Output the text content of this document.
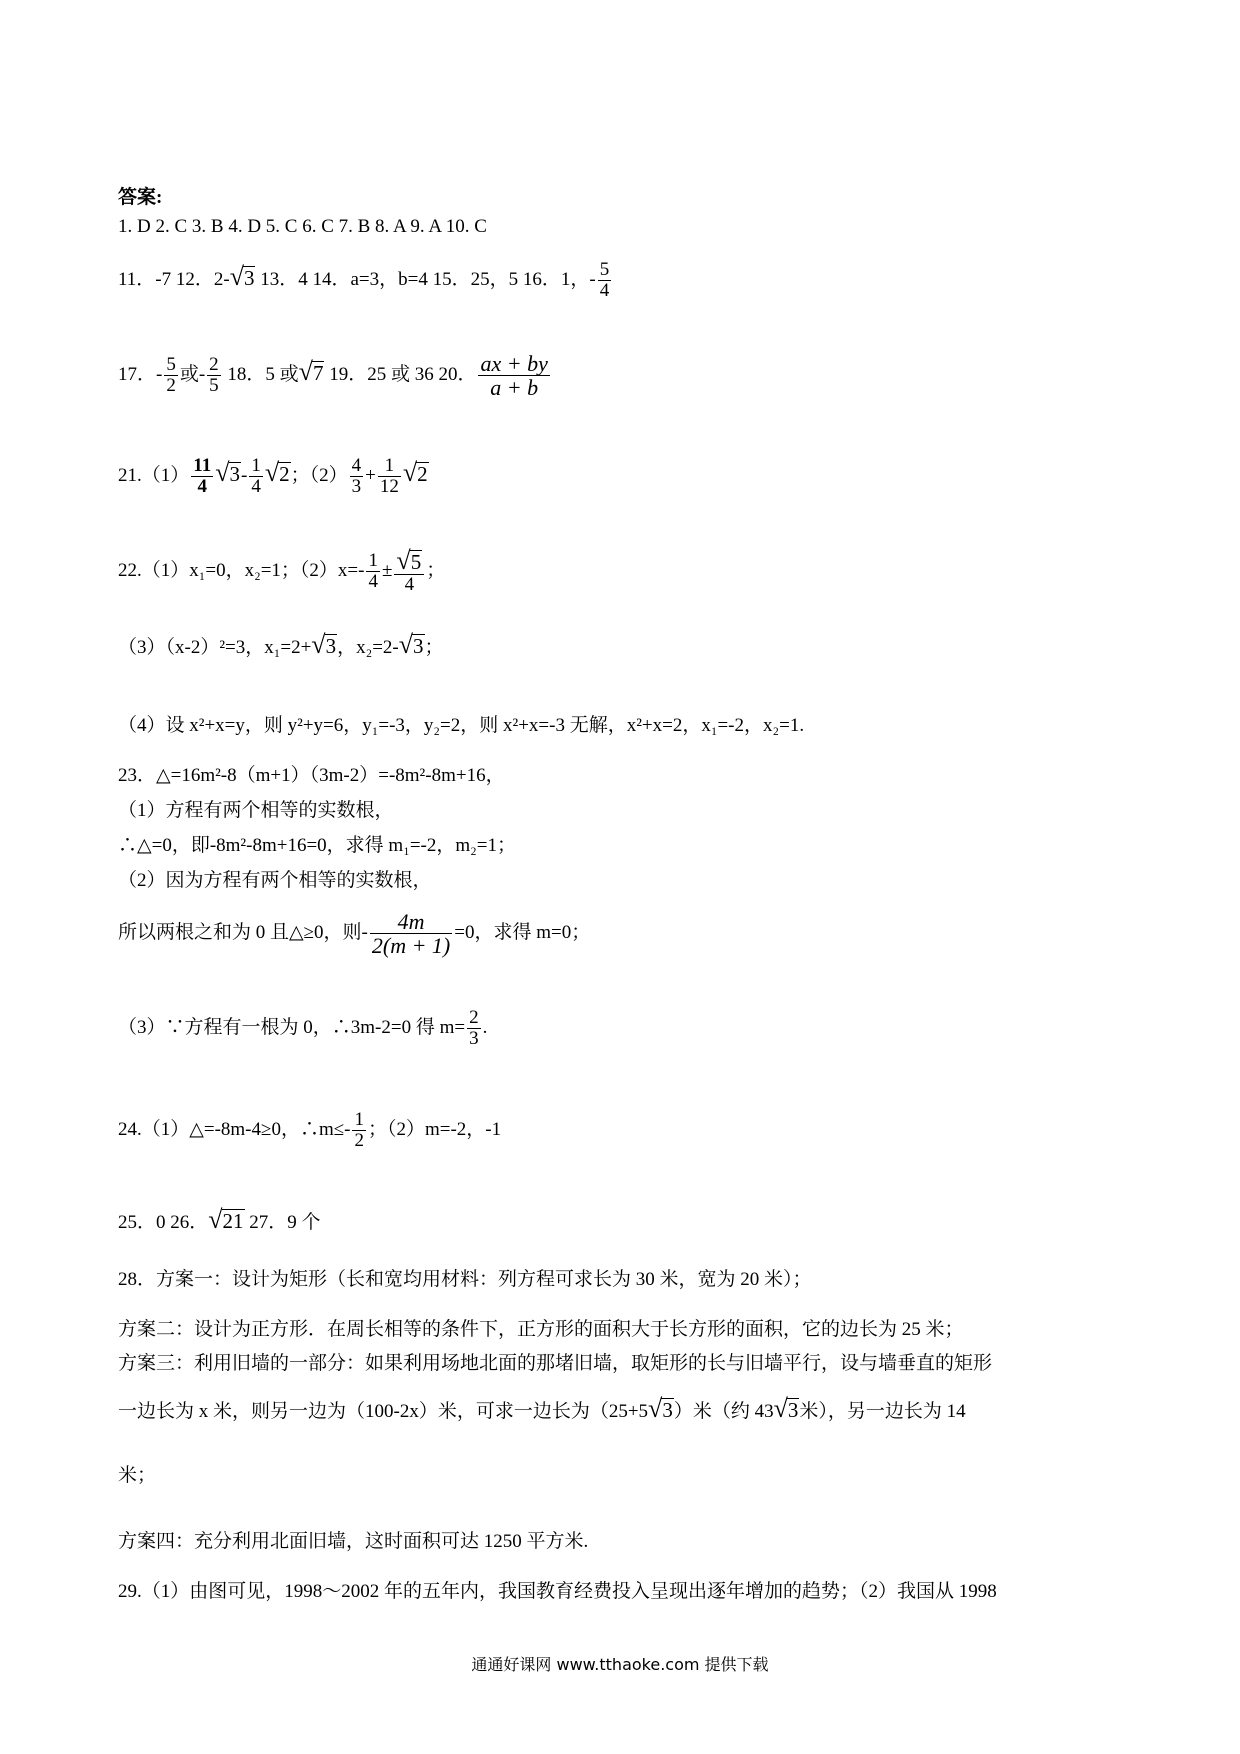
答案:
1. D 2. C 3. B 4. D 5. C 6. C 7. B 8. A 9. A 10. C
11．-7 12．2-√3 13．4 14．a=3，b=4 15．25，5 16．1，- $\frac{5}{4}$
17．- $\frac{5}{2}$ 或- $\frac{2}{5} 18$．5 或√7 19．25 或 36 20． $\frac{ax + by}{a + b}$
$21.(1) \frac{11}{4} √3- \frac{1}{4} √2$；$(2) \frac{4}{3} + \frac{1}{12} √2$
22.（1）x₁=0，x₂=1；$(2)x=- \frac{1}{4} \pm \frac{√5}{4}$ ；
（3）（x-2）²=3，x₁=2+√3，x₂=2-√3；
（4）设 x²+x=y，则 y²+y=6，y₁=-3，y₂=2，则 x²+x=-3 无解，x²+x=2，x₁=-2，x₂=1.
23．△=16m²-8（m+1）（3m-2）=-8m²-8m+16，
（1）方程有两个相等的实数根，
∴△=0，即-8m²-8m+16=0，求得 m₁=-2，m₂=1；
（2）因为方程有两个相等的实数根，
所以两根之和为 0 且△≥0，则- $\frac{4m}{2(m + 1)} =0$，求得 m=0；
（3）∵方程有一根为 0，∴3m-2=0 得 $m= \frac{2}{3}$ .
24.（1）△=-8m-4≥0，∴m≤- $\frac{1}{2}$ ；（2）m=-2，-1
25．0 26．√21 27．9 个
28．方案一：设计为矩形（长和宽均用材料：列方程可求长为 30 米，宽为 20 米）；
方案二：设计为正方形．在周长相等的条件下，正方形的面积大于长方形的面积，它的边长为 25 米；
方案三：利用旧墙的一部分：如果利用场地北面的那堵旧墙，取矩形的长与旧墙平行，设与墙垂直的矩形
一边长为 x 米，则另一边为（100-2x）米，可求一边长为（25+5√3）米（约 43√3米），另一边长为 14
米；
方案四：充分利用北面旧墙，这时面积可达 1250 平方米.
29.（1）由图可见，1998～2002 年的五年内，我国教育经费投入呈现出逐年增加的趋势；（2）我国从 1998
通通好课网 www.tthaoke.com 提供下载
